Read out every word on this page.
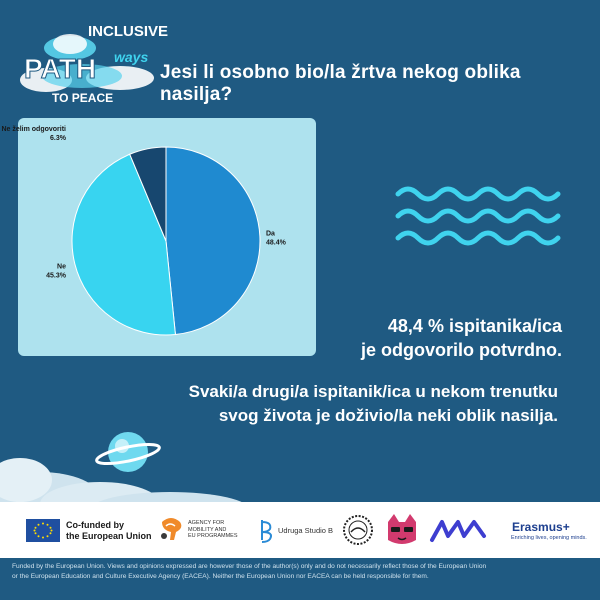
INCLUSIVE
PATH ways
TO PEACE
Jesi li osobno bio/la žrtva nekog oblika nasilja?
Da
48.4%
Ne
45.3%
Ne želim odgovoriti
6.3%
48,4 % ispitanika/ica
je odgovorilo potvrdno.
Svaki/a drugi/a ispitanik/ica u nekom trenutku
svog života je doživio/la neki oblik nasilja.
Co-funded by
the European Union
AGENCY FOR
MOBILITY AND
EU PROGRAMMES
Udruga Studio B	Erasmus+
Enriching lives, opening minds.
Funded by the European Union. Views and opinions expressed are however those of the author(s) only and do not necessarily reflect those of the European Union
or the European Education and Culture Executive Agency (EACEA). Neither the European Union nor EACEA can be held responsible for them.
